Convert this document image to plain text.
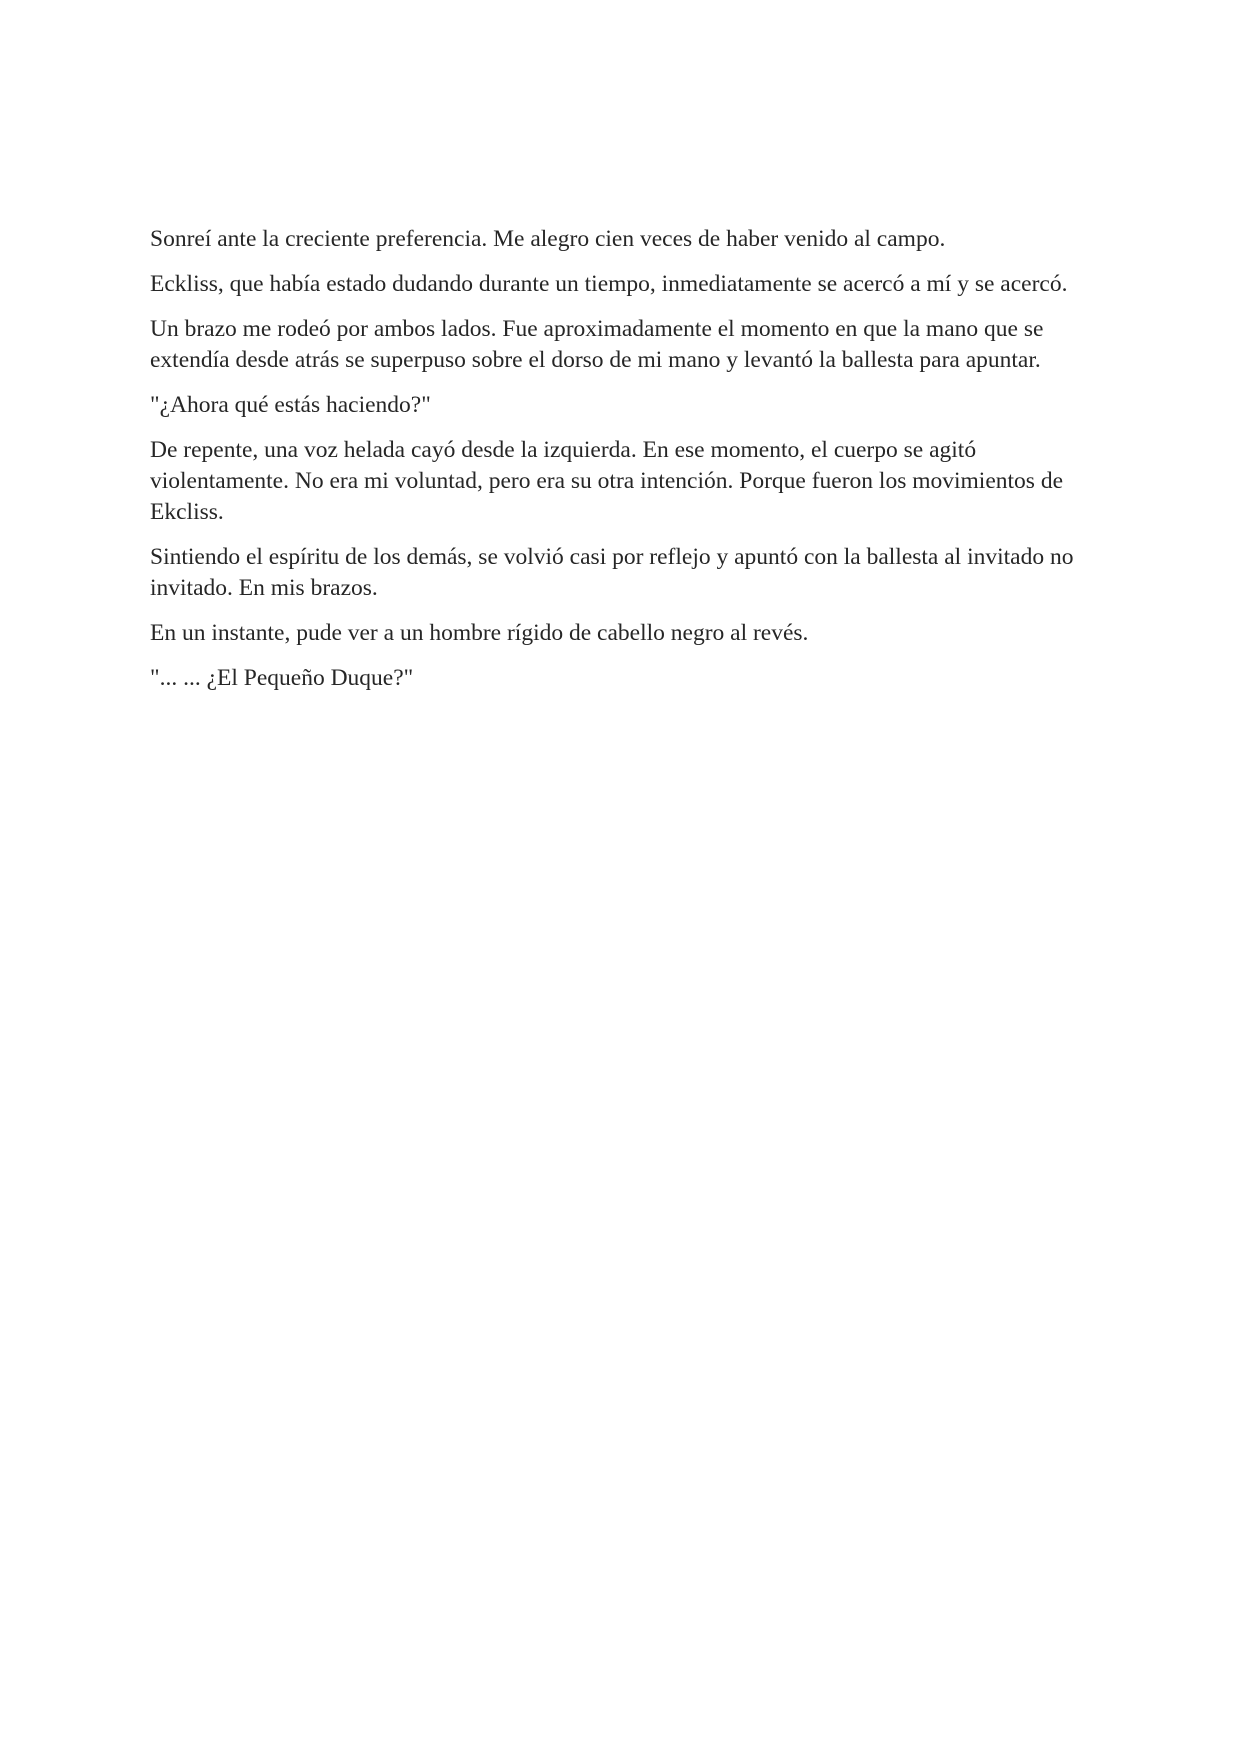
Sonreí ante la creciente preferencia. Me alegro cien veces de haber venido al campo.

Eckliss, que había estado dudando durante un tiempo, inmediatamente se acercó a mí y se acercó.

Un brazo me rodeó por ambos lados. Fue aproximadamente el momento en que la mano que se extendía desde atrás se superpuso sobre el dorso de mi mano y levantó la ballesta para apuntar.

"¿Ahora qué estás haciendo?"

De repente, una voz helada cayó desde la izquierda. En ese momento, el cuerpo se agitó violentamente. No era mi voluntad, pero era su otra intención. Porque fueron los movimientos de Ekcliss.

Sintiendo el espíritu de los demás, se volvió casi por reflejo y apuntó con la ballesta al invitado no invitado. En mis brazos.

En un instante, pude ver a un hombre rígido de cabello negro al revés.

"... ... ¿El Pequeño Duque?"
